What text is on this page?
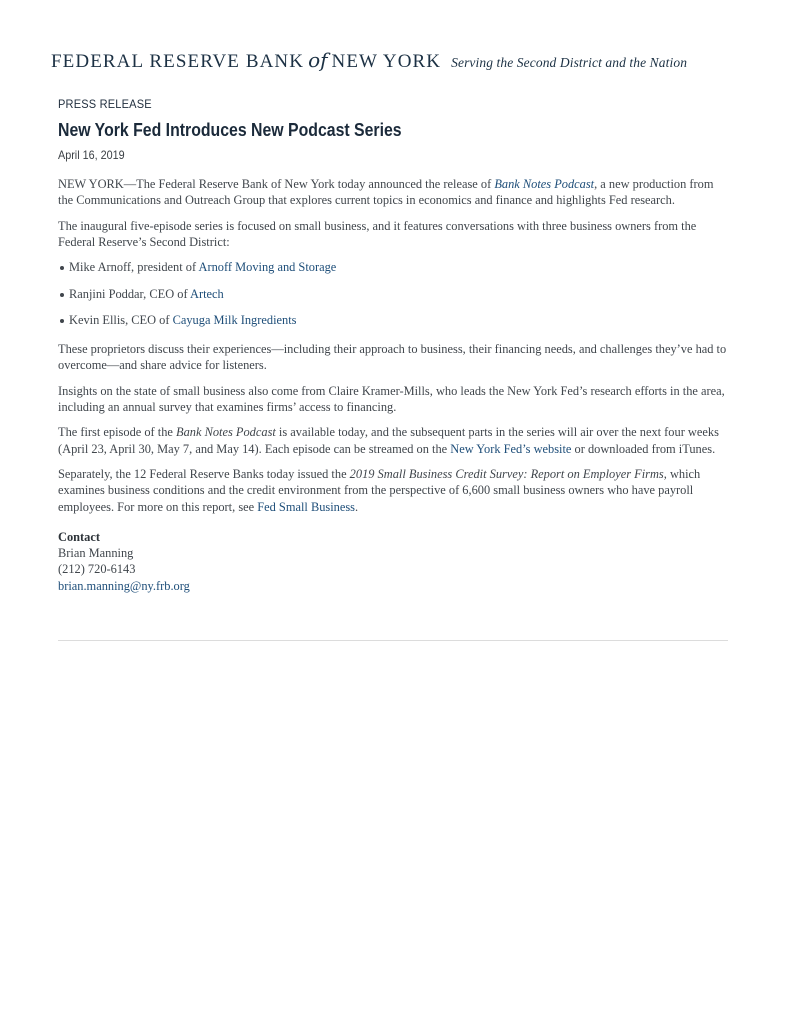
FEDERAL RESERVE BANK of NEW YORK Serving the Second District and the Nation
PRESS RELEASE
New York Fed Introduces New Podcast Series
April 16, 2019

NEW YORK—The Federal Reserve Bank of New York today announced the release of Bank Notes Podcast, a new production from the Communications and Outreach Group that explores current topics in economics and finance and highlights Fed research.

The inaugural five-episode series is focused on small business, and it features conversations with three business owners from the Federal Reserve’s Second District:

Mike Arnoff, president of Arnoff Moving and Storage
Ranjini Poddar, CEO of Artech
Kevin Ellis, CEO of Cayuga Milk Ingredients

These proprietors discuss their experiences—including their approach to business, their financing needs, and challenges they’ve had to overcome—and share advice for listeners.

Insights on the state of small business also come from Claire Kramer-Mills, who leads the New York Fed’s research efforts in the area, including an annual survey that examines firms’ access to financing.

The first episode of the Bank Notes Podcast is available today, and the subsequent parts in the series will air over the next four weeks (April 23, April 30, May 7, and May 14). Each episode can be streamed on the New York Fed’s website or downloaded from iTunes.

Separately, the 12 Federal Reserve Banks today issued the 2019 Small Business Credit Survey: Report on Employer Firms, which examines business conditions and the credit environment from the perspective of 6,600 small business owners who have payroll employees. For more on this report, see Fed Small Business.

Contact
Brian Manning
(212) 720-6143
brian.manning@ny.frb.org
